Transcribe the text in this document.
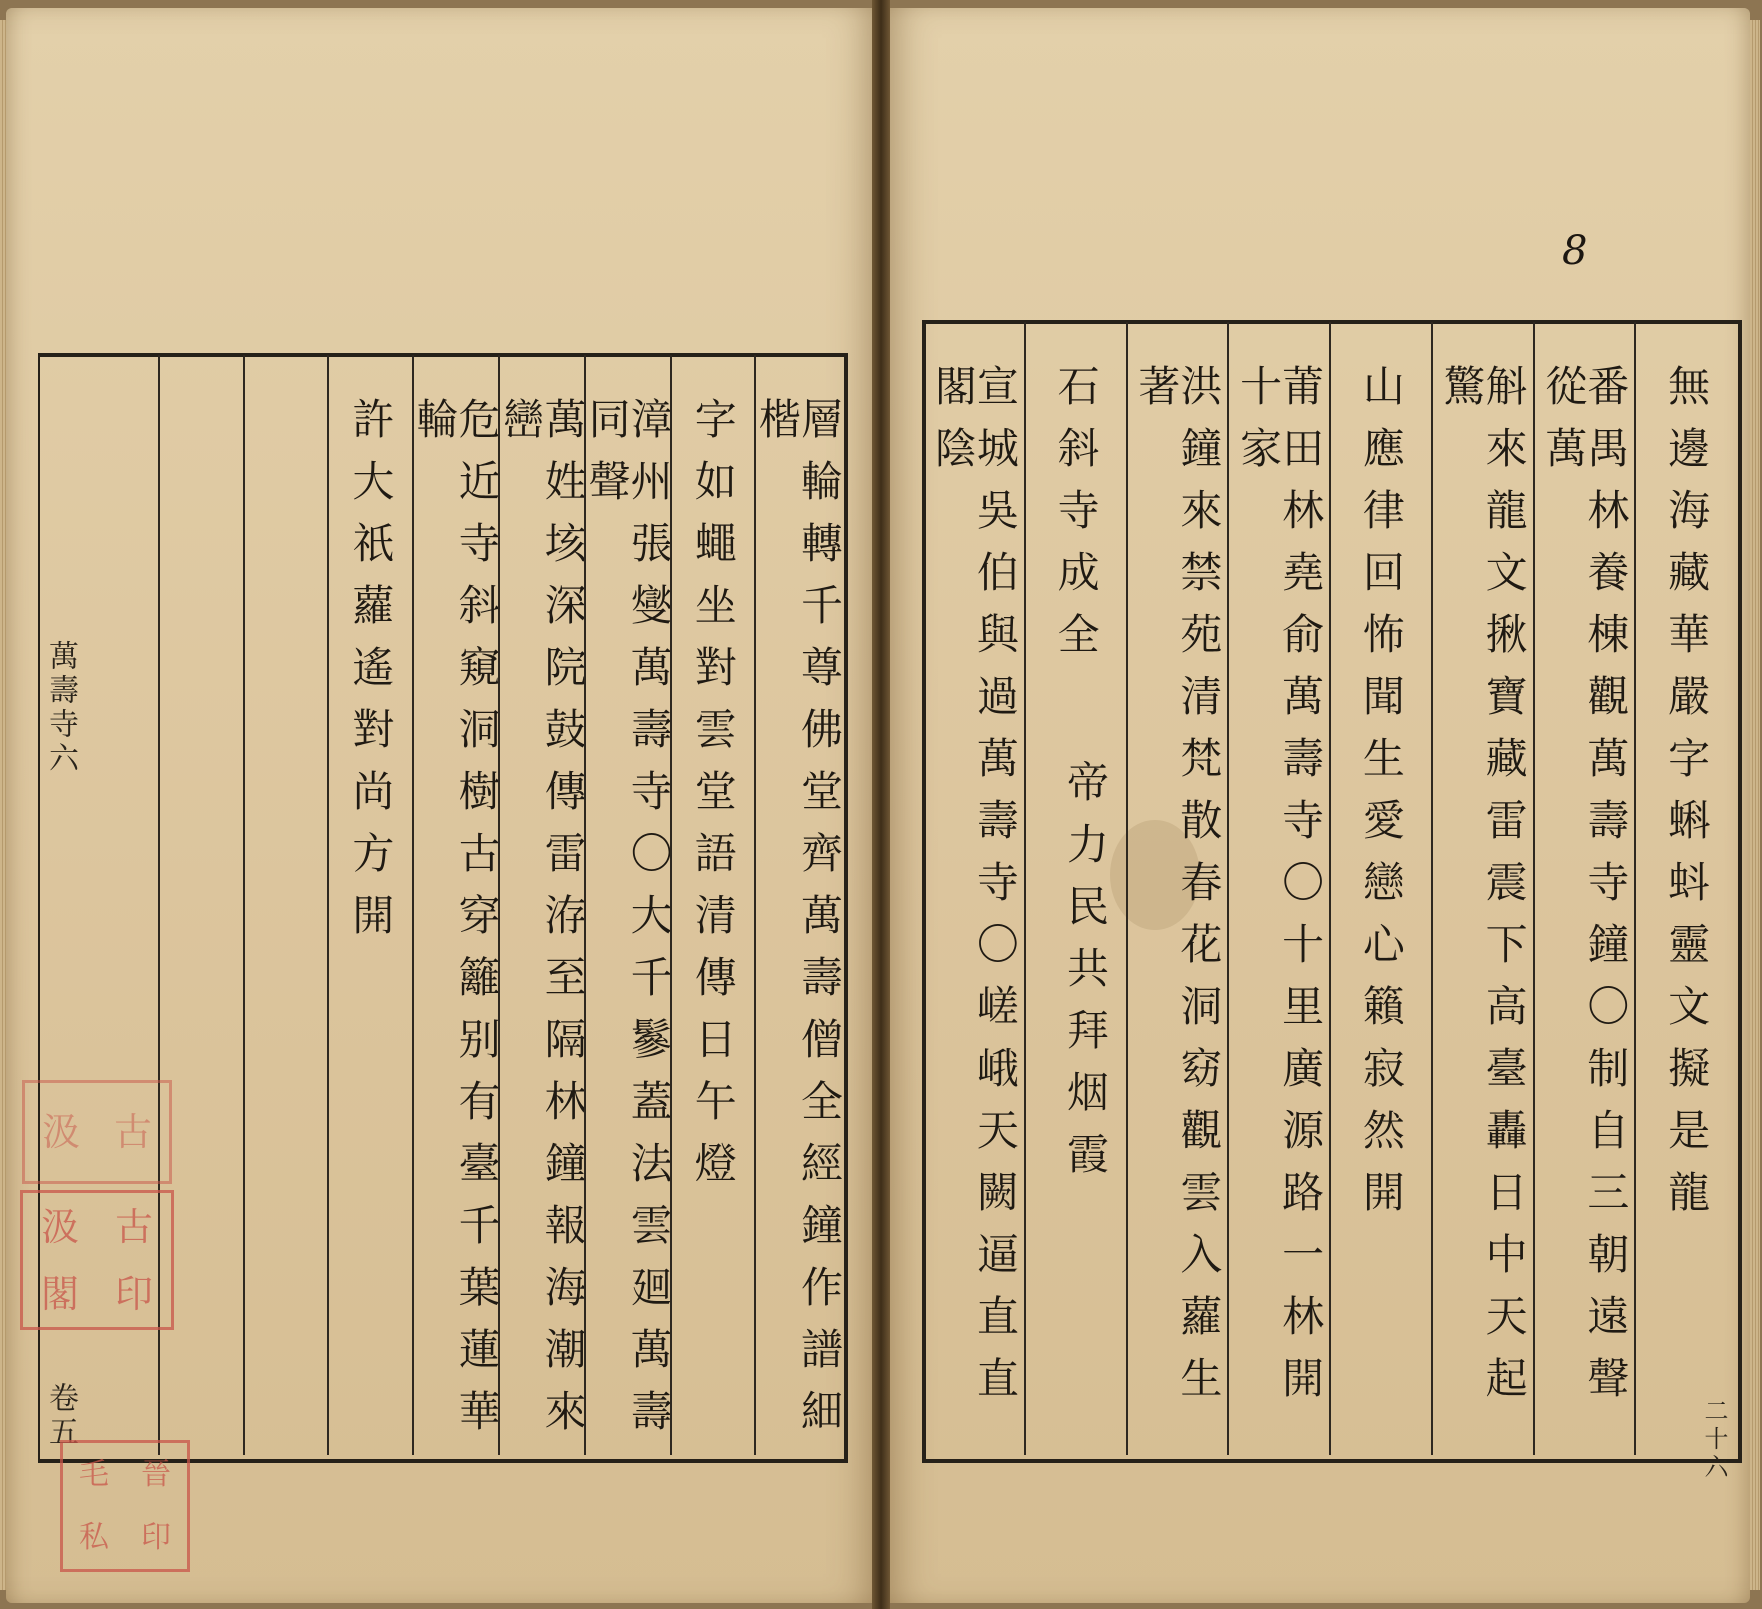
層輪轉千尊佛堂齊萬壽僧全經鐘作譜細楷
字如蠅坐對雲堂語清傳日午燈
漳州張燮萬壽寺〇大千鬖蓋法雲廻萬壽同聲
萬姓垓深院鼓傳雷洊至隔林鐘報海潮來巒
危近寺斜窺洞樹古穿籬别有臺千葉蓮華輪
許大祇蘿遙對尚方開
萬壽寺六
卷五
汲 古
汲 古
閣 印
毛 晉
私 印
8
無邊海藏華嚴字蝌蚪靈文擬是龍
番禺林養棟觀萬壽寺鐘〇制自三朝遠聲從萬
斛來龍文揪寶藏雷震下高臺轟日中天起驚
山應律回怖聞生愛戀心籟寂然開
莆田林堯俞萬壽寺〇十里廣源路一林開十家
洪鐘來禁苑清梵散春花洞窈觀雲入蘿生著
石斜寺成全
宣城吳伯與過萬壽寺〇嵯峨天闕逼直直閣陰
帝力民共拜烟霞
二十六
